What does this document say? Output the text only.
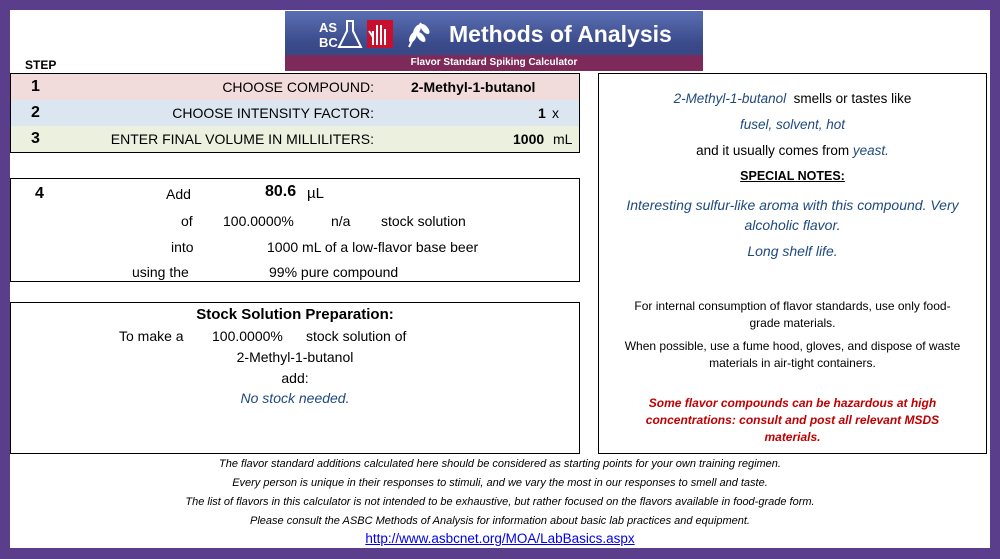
AS
BC	Methods of Analysis
Flavor Standard Spiking Calculator
STEP
1	CHOOSE COMPOUND:	2-Methyl-1-butanol
2	CHOOSE INTENSITY FACTOR:	1 x
3	ENTER FINAL VOLUME IN MILLILITERS:	1000 mL
4	Add	80.6 µL
of 100.0000%	n/a stock solution
into	1000 mL of a low-flavor base beer
using the	99% pure compound
Stock Solution Preparation:
To make a 100.0000% stock solution of
2-Methyl-1-butanol
add:
No stock needed.
2-Methyl-1-butanol smells or tastes like
fusel, solvent, hot
and it usually comes from yeast.
SPECIAL NOTES:
Interesting sulfur-like aroma with this compound. Very
alcoholic flavor.
Long shelf life.
For internal consumption of flavor standards, use only food-
grade materials.
When possible, use a fume hood, gloves, and dispose of waste
materials in air-tight containers.
Some flavor compounds can be hazardous at high
concentrations: consult and post all relevant MSDS
materials.
The flavor standard additions calculated here should be considered as starting points for your own training regimen.
Every person is unique in their responses to stimuli, and we vary the most in our responses to smell and taste.
The list of flavors in this calculator is not intended to be exhaustive, but rather focused on the flavors available in food-grade form.
Please consult the ASBC Methods of Analysis for information about basic lab practices and equipment.
http://www.asbcnet.org/MOA/LabBasics.aspx
